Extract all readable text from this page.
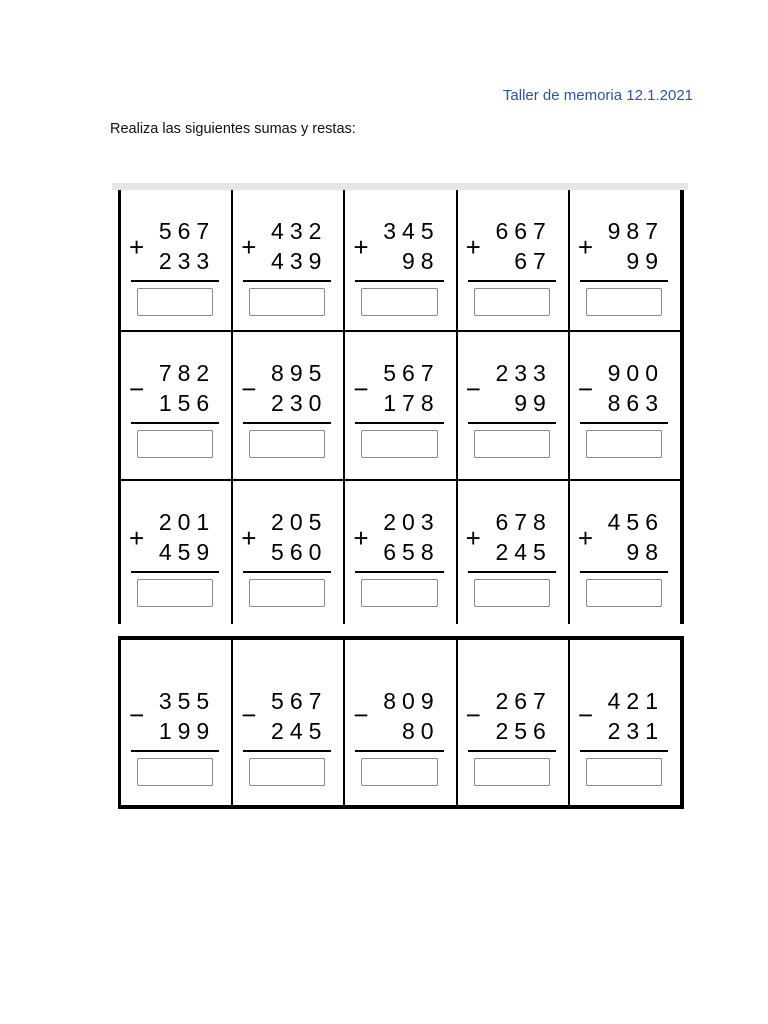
Taller de memoria 12.1.2021
Realiza las siguientes sumas y restas:
+
567
233 +
432
439 +
345
98 +
667
67 +
987
99
−
782
156 −
895
230 −
567
178 −
233
99 −
900
863
+
201
459 +
205
560 +
203
658 +
678
245 +
456
98
− 355
199
− 567
245
− 809
80
− 267
256
− 421
231
